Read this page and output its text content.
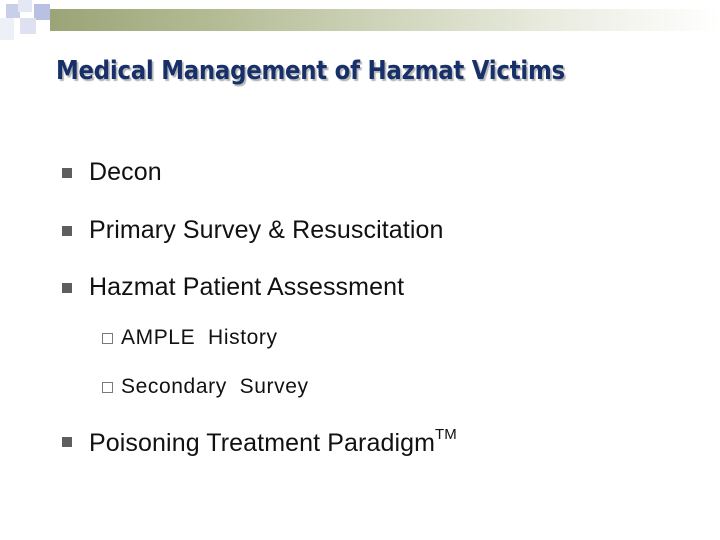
Medical Management of Hazmat Victims
Decon
Primary Survey & Resuscitation
Hazmat Patient Assessment
AMPLE  History
Secondary  Survey
Poisoning Treatment Paradigm™
